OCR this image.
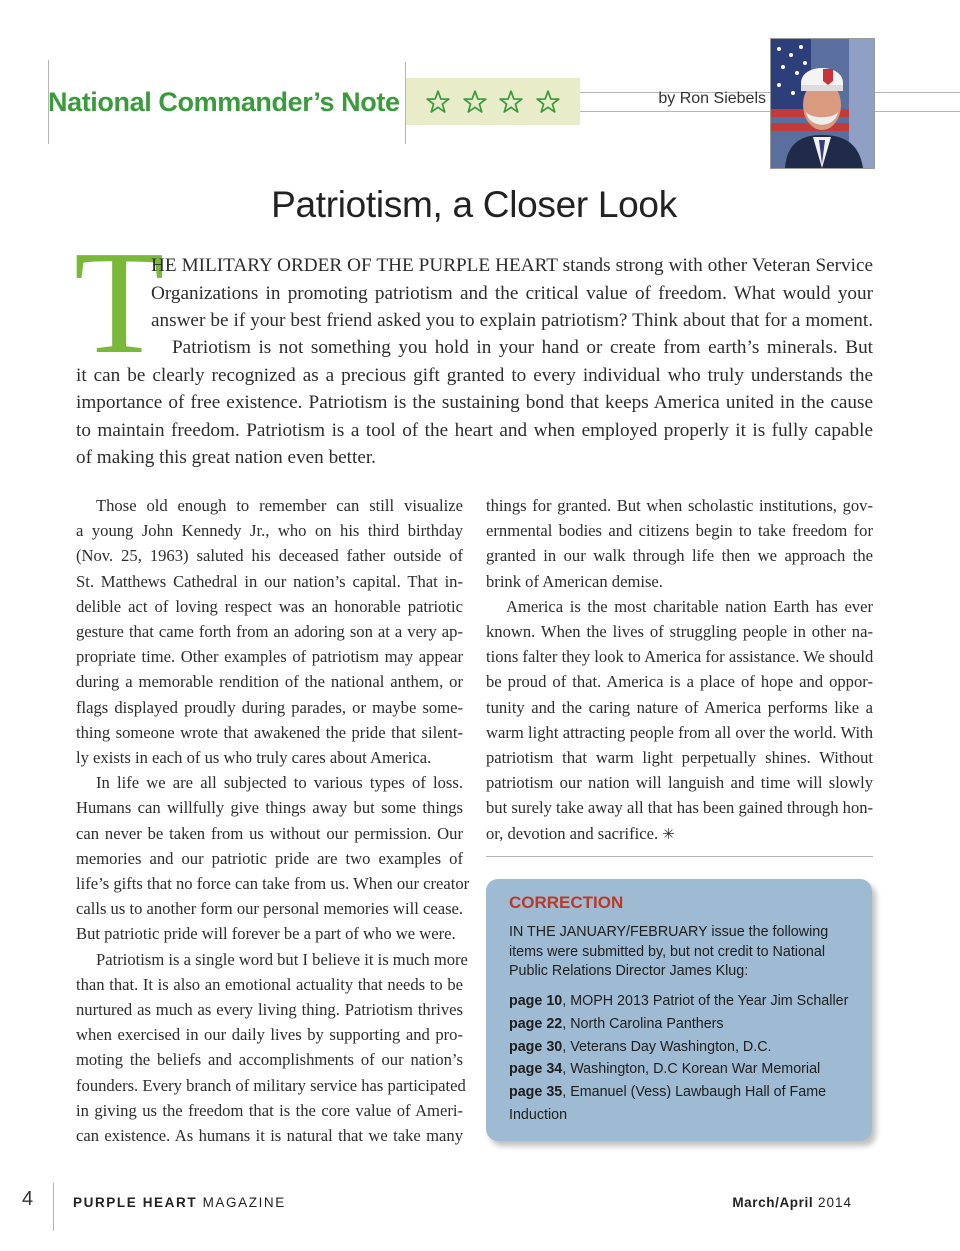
National Commander’s Note	by Ron Siebels
Patriotism, a Closer Look
T
HE MILITARY ORDER OF THE PURPLE HEART stands strong with other Veteran Service
Organizations in promoting patriotism and the critical value of freedom. What would your
answer be if your best friend asked you to explain patriotism? Think about that for a moment.
Patriotism is not something you hold in your hand or create from earth’s minerals. But
it can be clearly recognized as a precious gift granted to every individual who truly understands the
importance of free existence. Patriotism is the sustaining bond that keeps America united in the cause
to maintain freedom. Patriotism is a tool of the heart and when employed properly it is fully capable
of making this great nation even better.
Those old enough to remember can still visualize
a young John Kennedy Jr., who on his third birthday
(Nov. 25, 1963) saluted his deceased father outside of
St. Matthews Cathedral in our nation’s capital. That in-
delible act of loving respect was an honorable patriotic
gesture that came forth from an adoring son at a very ap-
propriate time. Other examples of patriotism may appear
during a memorable rendition of the national anthem, or
flags displayed proudly during parades, or maybe some-
thing someone wrote that awakened the pride that silent-
ly exists in each of us who truly cares about America.
In life we are all subjected to various types of loss.
Humans can willfully give things away but some things
can never be taken from us without our permission. Our
memories and our patriotic pride are two examples of
life’s gifts that no force can take from us. When our creator
calls us to another form our personal memories will cease.
But patriotic pride will forever be a part of who we were.
Patriotism is a single word but I believe it is much more
than that. It is also an emotional actuality that needs to be
nurtured as much as every living thing. Patriotism thrives
when exercised in our daily lives by supporting and pro-
moting the beliefs and accomplishments of our nation’s
founders. Every branch of military service has participated
in giving us the freedom that is the core value of Ameri-
can existence. As humans it is natural that we take many
things for granted. But when scholastic institutions, gov-
ernmental bodies and citizens begin to take freedom for
granted in our walk through life then we approach the
brink of American demise.
America is the most charitable nation Earth has ever
known. When the lives of struggling people in other na-
tions falter they look to America for assistance. We should
be proud of that. America is a place of hope and oppor-
tunity and the caring nature of America performs like a
warm light attracting people from all over the world. With
patriotism that warm light perpetually shines. Without
patriotism our nation will languish and time will slowly
but surely take away all that has been gained through hon-
or, devotion and sacrifice. ✳
CORRECTION
IN THE JANUARY/FEBRUARY issue the following
items were submitted by, but not credit to National
Public Relations Director James Klug:
page 10, MOPH 2013 Patriot of the Year Jim Schaller
page 22, North Carolina Panthers
page 30, Veterans Day Washington, D.C.
page 34, Washington, D.C Korean War Memorial
page 35, Emanuel (Vess) Lawbaugh Hall of Fame
Induction
4	PURPLE HEART MAGAZINE	March/April 2014
